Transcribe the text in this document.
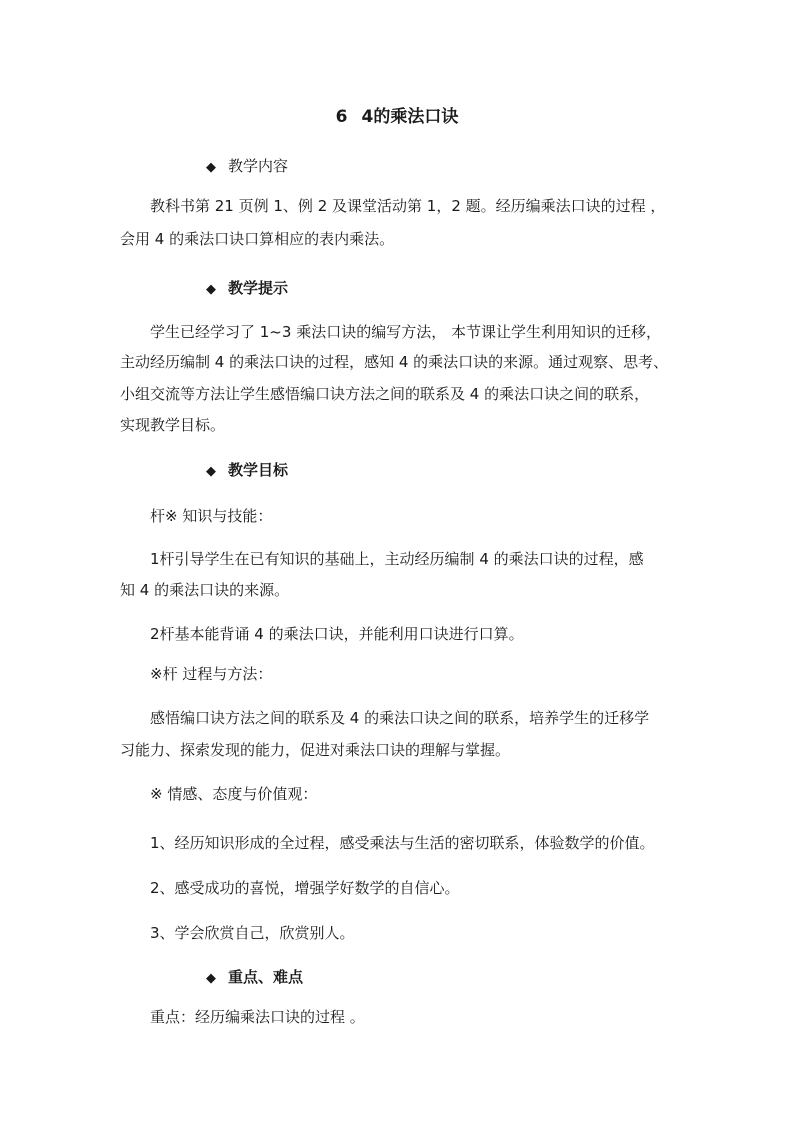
6 4的乘法口诀
◆ 教学内容
教科书第 21 页例 1、例 2 及课堂活动第 1，2 题。经历编乘法口诀的过程 ，
会用 4 的乘法口诀口算相应的表内乘法。
◆ 教学提示
学生已经学习了 1~3 乘法口诀的编写方法， 本节课让学生利用知识的迁移，
主动经历编制 4 的乘法口诀的过程，感知 4 的乘法口诀的来源。通过观察、思考、
小组交流等方法让学生感悟编口诀方法之间的联系及 4 的乘法口诀之间的联系，
实现教学目标。
◆ 教学目标
杆※ 知识与技能：
1杆引导学生在已有知识的基础上，主动经历编制 4 的乘法口诀的过程，感
知 4 的乘法口诀的来源。
2杆基本能背诵 4 的乘法口诀，并能利用口诀进行口算。
※杆 过程与方法：
感悟编口诀方法之间的联系及 4 的乘法口诀之间的联系，培养学生的迁移学
习能力、探索发现的能力，促进对乘法口诀的理解与掌握。
※ 情感、态度与价值观：
1、经历知识形成的全过程，感受乘法与生活的密切联系，体验数学的价值。
2、感受成功的喜悦，增强学好数学的自信心。
3、学会欣赏自己，欣赏别人。
◆ 重点、难点
重点：经历编乘法口诀的过程 。
